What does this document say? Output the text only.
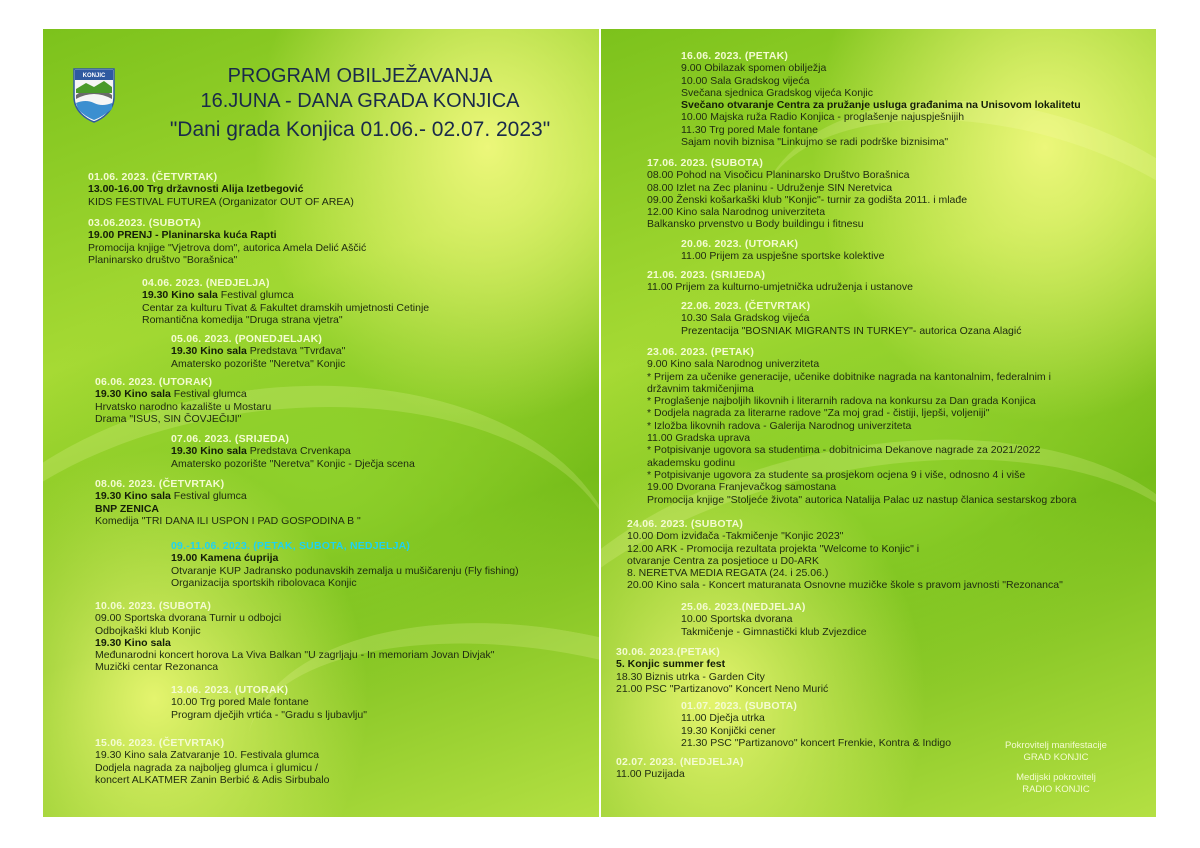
KONJIC	PROGRAM OBILJEŽAVANJA
16.JUNA - DANA GRADA KONJICA
"Dani grada Konjica 01.06.- 02.07. 2023"
01.06. 2023. (ČETVRTAK)
13.00-16.00 Trg državnosti Alija Izetbegović
KIDS FESTIVAL FUTUREA (Organizator OUT OF AREA)
03.06.2023. (SUBOTA)
19.00 PRENJ - Planinarska kuća Rapti
Promocija knjige "Vjetrova dom", autorica Amela Delić Aščić
Planinarsko društvo "Borašnica"
04.06. 2023. (NEDJELJA)
19.30 Kino sala Festival glumca
Centar za kulturu Tivat & Fakultet dramskih umjetnosti Cetinje
Romantična komedija "Druga strana vjetra"
05.06. 2023. (PONEDJELJAK)
19.30 Kino sala Predstava "Tvrđava"
Amatersko pozorište "Neretva" Konjic
06.06. 2023. (UTORAK)
19.30 Kino sala Festival glumca
Hrvatsko narodno kazalište u Mostaru
Drama "ISUS, SIN ČOVJEČIJI"
07.06. 2023. (SRIJEDA)
19.30 Kino sala Predstava Crvenkapa
Amatersko pozorište "Neretva" Konjic - Dječja scena
08.06. 2023. (ČETVRTAK)
19.30 Kino sala Festival glumca
BNP ZENICA
Komedija "TRI DANA ILI USPON I PAD GOSPODINA B "
09.-11.06. 2023. (PETAK, SUBOTA, NEDJELJA)
19.00 Kamena ćuprija
Otvaranje KUP Jadransko podunavskih zemalja u mušičarenju (Fly fishing)
Organizacija sportskih ribolovaca Konjic
10.06. 2023. (SUBOTA)
09.00 Sportska dvorana Turnir u odbojci
Odbojkaški klub Konjic
19.30 Kino sala
Međunarodni koncert horova La Viva Balkan "U zagrljaju - In memoriam Jovan Divjak"
Muzički centar Rezonanca
13.06. 2023. (UTORAK)
10.00 Trg pored Male fontane
Program dječjih vrtića - "Gradu s ljubavlju"
15.06. 2023. (ČETVRTAK)
19.30 Kino sala Zatvaranje 10. Festivala glumca
Dodjela nagrada za najboljeg glumca i glumicu /
koncert ALKATMER Zanin Berbić & Adis Sirbubalo
16.06. 2023. (PETAK)
9.00 Obilazak spomen obilježja
10.00 Sala Gradskog vijeća
Svečana sjednica Gradskog vijeća Konjic
Svečano otvaranje Centra za pružanje usluga građanima na Unisovom lokalitetu
10.00 Majska ruža Radio Konjica - proglašenje najuspješnijih
11.30 Trg pored Male fontane
Sajam novih biznisa "Linkujmo se radi podrške biznisima"
17.06. 2023. (SUBOTA)
08.00 Pohod na Visočicu Planinarsko Društvo Borašnica
08.00 Izlet na Zec planinu - Udruženje SIN Neretvica
09.00 Ženski košarkaški klub "Konjic"- turnir za godišta 2011. i mlađe
12.00 Kino sala Narodnog univerziteta
Balkansko prvenstvo u Body buildingu i fitnesu
20.06. 2023. (UTORAK)
11.00 Prijem za uspješne sportske kolektive
21.06. 2023. (SRIJEDA)
11.00 Prijem za kulturno-umjetnička udruženja i ustanove
22.06. 2023. (ČETVRTAK)
10.30 Sala Gradskog vijeća
Prezentacija "BOSNIAK MIGRANTS IN TURKEY"- autorica Ozana Alagić
23.06. 2023. (PETAK)
9.00 Kino sala Narodnog univerziteta
* Prijem za učenike generacije, učenike dobitnike nagrada na kantonalnim, federalnim i
državnim takmičenjima
* Proglašenje najboljih likovnih i literarnih radova na konkursu za Dan grada Konjica
* Dodjela nagrada za literarne radove "Za moj grad - čistiji, ljepši, voljeniji"
* Izložba likovnih radova - Galerija Narodnog univerziteta
11.00 Gradska uprava
* Potpisivanje ugovora sa studentima - dobitnicima Dekanove nagrade za 2021/2022
akademsku godinu
* Potpisivanje ugovora za studente sa prosjekom ocjena 9 i više, odnosno 4 i više
19.00 Dvorana Franjevačkog samostana
Promocija knjige "Stoljeće života" autorica Natalija Palac uz nastup članica sestarskog zbora
24.06. 2023. (SUBOTA)
10.00 Dom izviđača -Takmičenje "Konjic 2023"
12.00 ARK - Promocija rezultata projekta "Welcome to Konjic" i
otvaranje Centra za posjetioce u D0-ARK
8. NERETVA MEDIA REGATA (24. i 25.06.)
20.00 Kino sala - Koncert maturanata Osnovne muzičke škole s pravom javnosti "Rezonanca"
25.06. 2023.(NEDJELJA)
10.00 Sportska dvorana
Takmičenje - Gimnastički klub Zvjezdice
30.06. 2023.(PETAK)
5. Konjic summer fest
18.30 Biznis utrka - Garden City
21.00 PSC "Partizanovo" Koncert Neno Murić
01.07. 2023. (SUBOTA)
11.00 Dječja utrka
19.30 Konjički cener
21.30 PSC "Partizanovo" koncert Frenkie, Kontra & Indigo
02.07. 2023. (NEDJELJA)
11.00 Puzijada
Pokrovitelj manifestacije
GRAD KONJIC
Medijski pokrovitelj
RADIO KONJIC
